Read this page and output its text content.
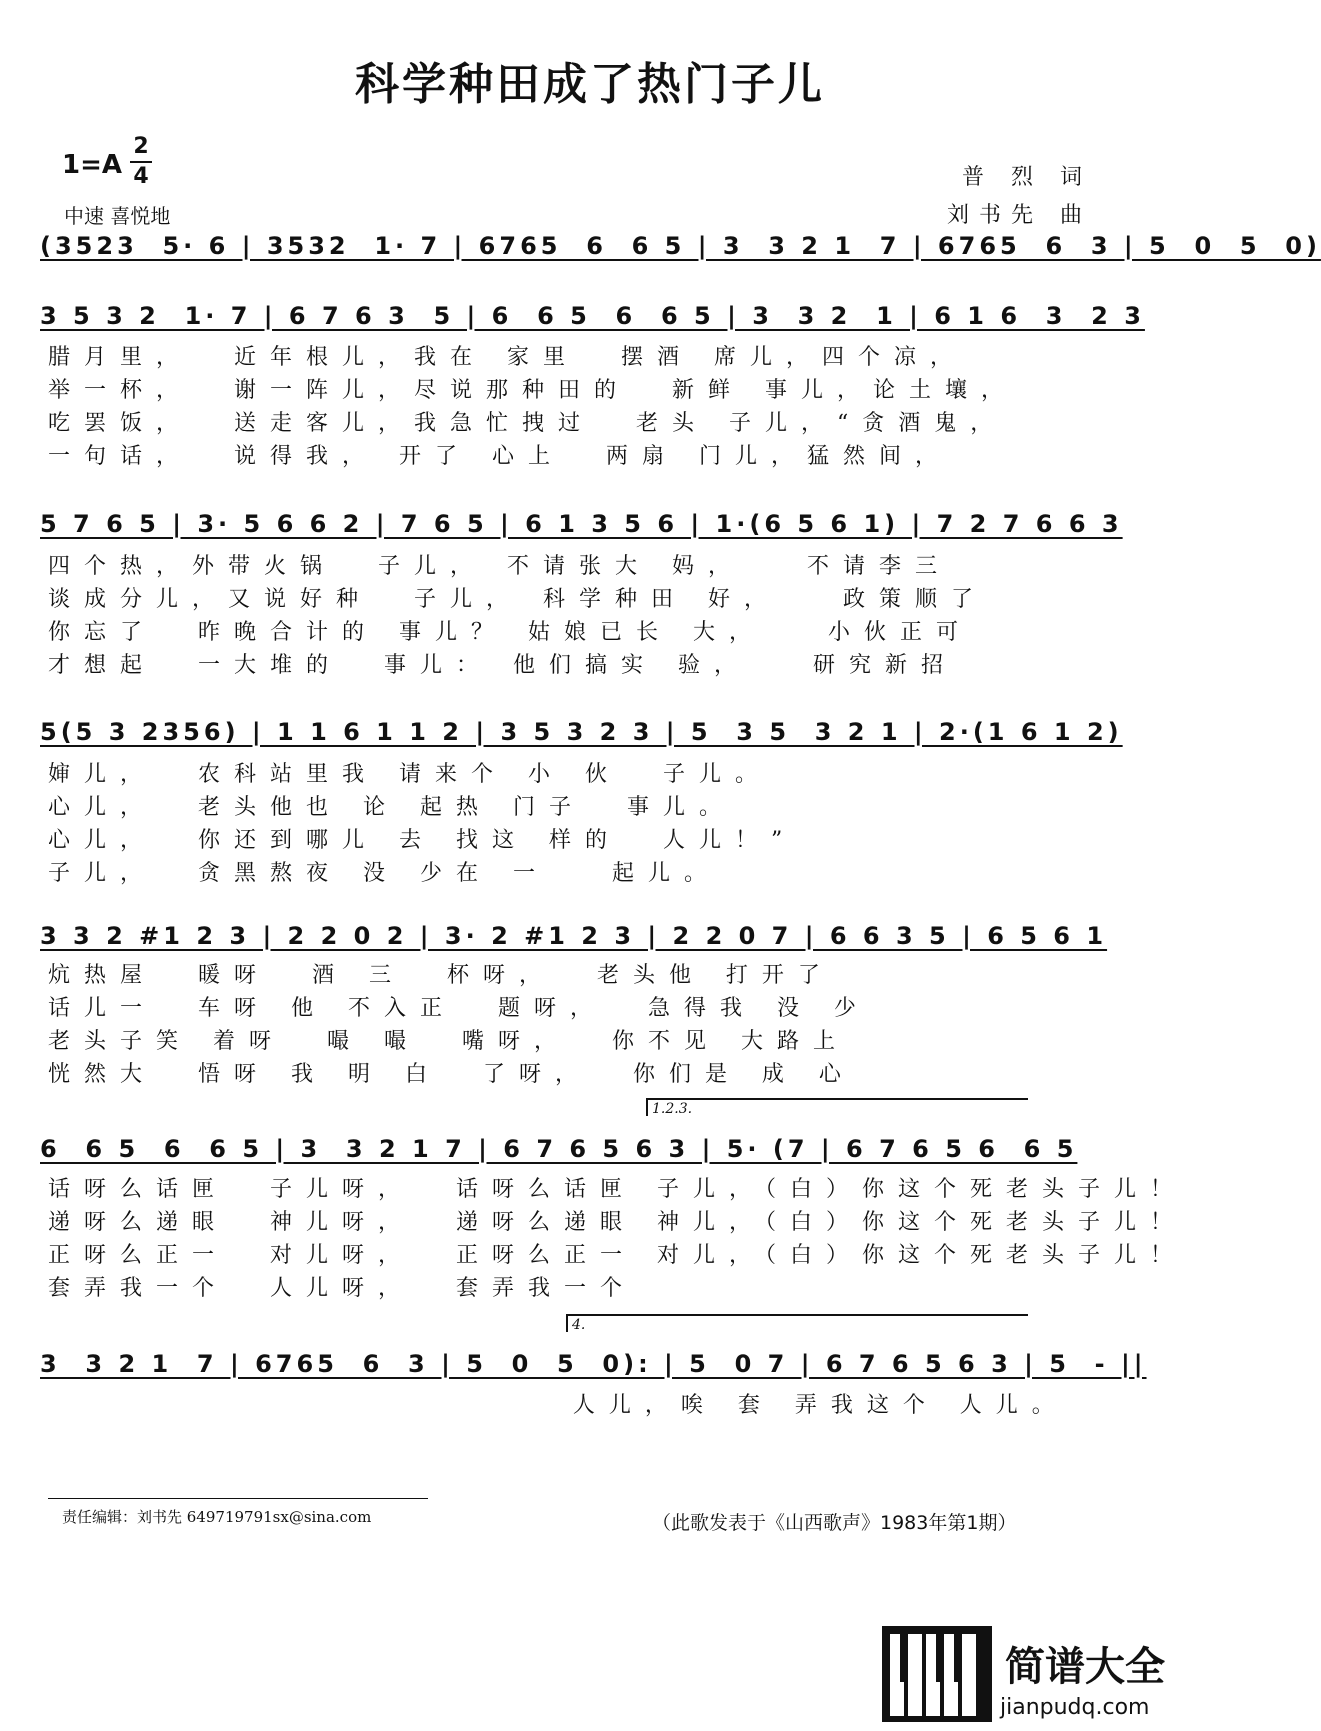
科学种田成了热门子儿
1=A
2
4
中速 喜悦地
普 烈 词
刘书先 曲
(3523  5· 6 | 3532  1· 7 | 6765  6  6 5 | 3  3 2 1  7 | 6765  6  3 | 5  0  5  0)
3 5 3 2  1· 7 | 6 7 6 3  5 | 6  6 5  6  6 5 | 3  3 2  1 | 6 1 6  3  2 3
腊月里，  近年根儿，我在 家里  摆酒 席儿，四个凉，
举一杯，  谢一阵儿，尽说那种田的  新鲜 事儿，论土壤，
吃罢饭，  送走客儿，我急忙拽过  老头 子儿，“贪酒鬼，
一句话，  说得我， 开了 心上  两扇 门儿，猛然间，
5 7 6 5 | 3· 5 6 6 2 | 7 6 5 | 6 1 3 5 6 | 1·(6 5 6 1) | 7 2 7 6 6 3
四个热，外带火锅  子儿， 不请张大 妈，   不请李三
谈成分儿，又说好种  子儿， 科学种田 好，   政策顺了
你忘了  昨晚合计的 事儿？ 姑娘已长 大，   小伙正可
才想起  一大堆的  事儿： 他们搞实 验，   研究新招
5(5 3 2356) | 1 1 6 1 1 2 | 3 5 3 2 3 | 5  3 5  3 2 1 | 2·(1 6 1 2)
婶儿，  农科站里我 请来个 小 伙  子儿。
心儿，  老头他也 论 起热 门子  事儿。
心儿，  你还到哪儿 去 找这 样的  人儿！”
子儿，  贪黑熬夜 没 少在 一   起儿。
3 3 2 #1 2 3 | 2 2 0 2 | 3· 2 #1 2 3 | 2 2 0 7 | 6 6 3 5 | 6 5 6 1
炕热屋  暖呀  酒 三  杯呀，  老头他 打开了
话儿一  车呀 他 不入正  题呀，  急得我 没 少
老头子笑 着呀  嘬 嘬  嘴呀，  你不见 大路上
恍然大  悟呀 我 明 白  了呀，  你们是 成 心
1.2.3.
6  6 5  6  6 5 | 3  3 2 1 7 | 6 7 6 5 6 3 | 5· (7 | 6 7 6 5 6  6 5
话呀么话匣  子儿呀，  话呀么话匣 子儿，（白）你这个死老头子儿！
递呀么递眼  神儿呀，  递呀么递眼 神儿，（白）你这个死老头子儿！
正呀么正一  对儿呀，  正呀么正一 对儿，（白）你这个死老头子儿！
套弄我一个  人儿呀，  套弄我一个
4.
3  3 2 1  7 | 6765  6  3 | 5  0  5  0): | 5  0 7 | 6 7 6 5 6 3 | 5  - ||
人儿，唉 套 弄我这个 人儿。
责任编辑：刘书先 649719791sx@sina.com	（此歌发表于《山西歌声》1983年第1期）
简谱大全
jianpudq.com
